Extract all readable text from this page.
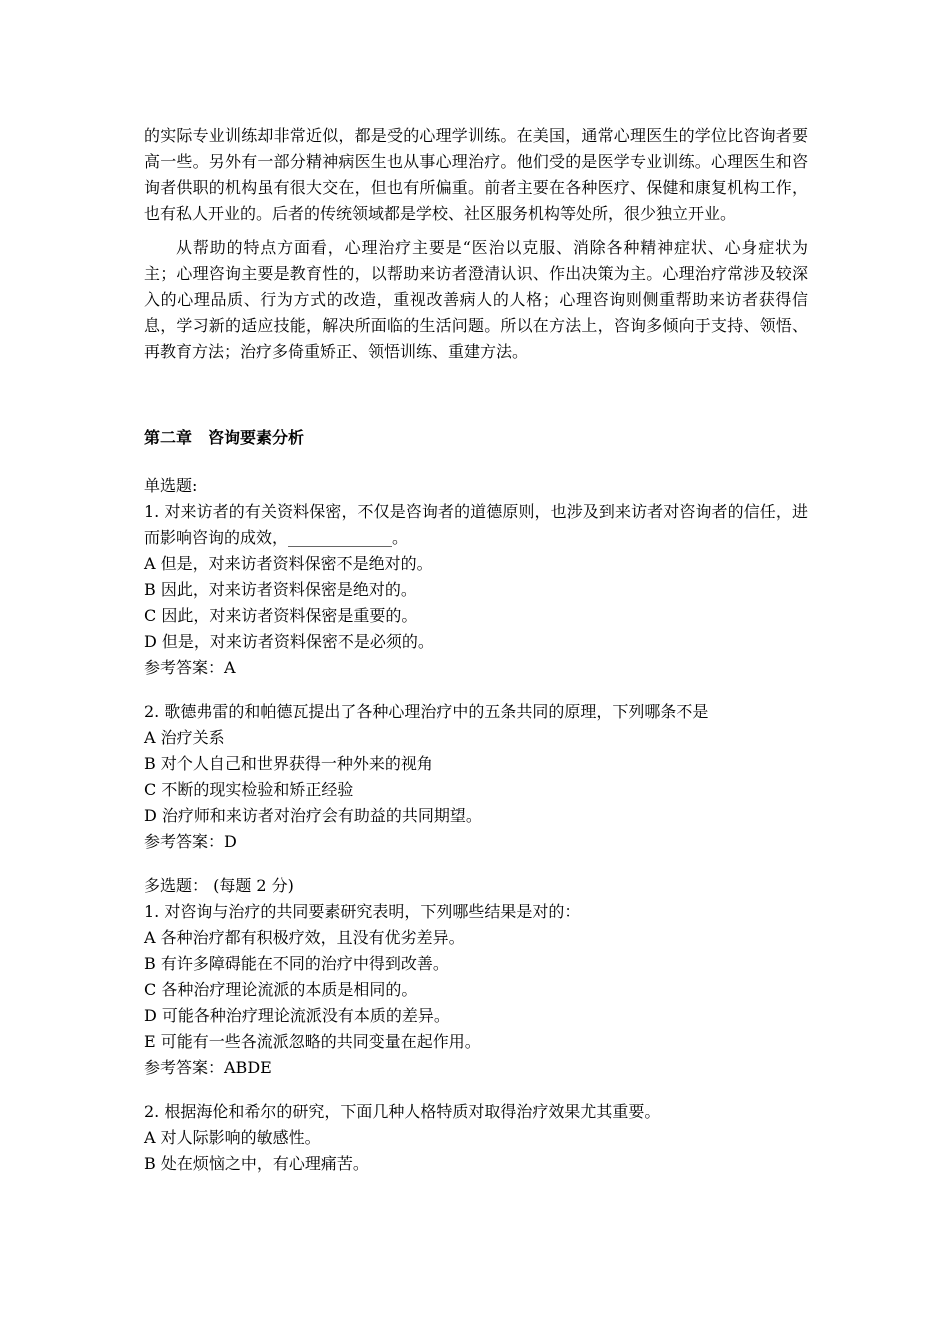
的实际专业训练却非常近似，都是受的心理学训练。在美国，通常心理医生的学位比咨询者要高一些。另外有一部分精神病医生也从事心理治疗。他们受的是医学专业训练。心理医生和咨询者供职的机构虽有很大交在，但也有所偏重。前者主要在各种医疗、保健和康复机构工作，也有私人开业的。后者的传统领域都是学校、社区服务机构等处所，很少独立开业。

从帮助的特点方面看，心理治疗主要是“医治以克服、消除各种精神症状、心身症状为主；心理咨询主要是教育性的，以帮助来访者澄清认识、作出决策为主。心理治疗常涉及较深入的心理品质、行为方式的改造，重视改善病人的人格；心理咨询则侧重帮助来访者获得信息，学习新的适应技能，解决所面临的生活问题。所以在方法上，咨询多倾向于支持、领悟、再教育方法；治疗多倚重矫正、领悟训练、重建方法。

第二章　咨询要素分析

单选题:

1. 对来访者的有关资料保密，不仅是咨询者的道德原则，也涉及到来访者对咨询者的信任，进而影响咨询的成效，_____________。

A 但是，对来访者资料保密不是绝对的。

B 因此，对来访者资料保密是绝对的。

C 因此，对来访者资料保密是重要的。

D 但是，对来访者资料保密不是必须的。

参考答案：A

2. 歌德弗雷的和帕德瓦提出了各种心理治疗中的五条共同的原理，下列哪条不是

A 治疗关系

B 对个人自己和世界获得一种外来的视角

C 不断的现实检验和矫正经验

D 治疗师和来访者对治疗会有助益的共同期望。

参考答案：D

多选题： (每题 2 分)

1. 对咨询与治疗的共同要素研究表明，下列哪些结果是对的：

A 各种治疗都有积极疗效，且没有优劣差异。

B 有许多障碍能在不同的治疗中得到改善。

C 各种治疗理论流派的本质是相同的。

D 可能各种治疗理论流派没有本质的差异。

E 可能有一些各流派忽略的共同变量在起作用。

参考答案：ABDE

2. 根据海伦和希尔的研究，下面几种人格特质对取得治疗效果尤其重要。

A 对人际影响的敏感性。

B 处在烦恼之中，有心理痛苦。
